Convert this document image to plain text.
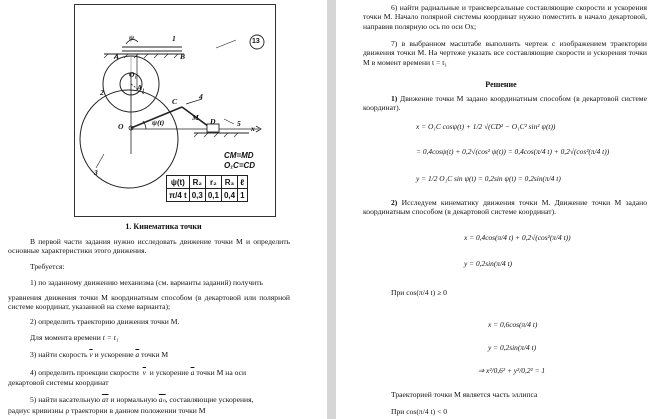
13
ψ	1
A	B
O₁
A₁
2
C
4
O	ψ(t)	D
M
5
x
3
CM=MD
O₁C=CD
ψ(t)	R₂	r₂	R₃	ℓ
π/4 t	0,3	0,1	0,4	1
1. Кинематика точки
В первой части задания нужно исследовать движение точки М и определить основные характеристики этого движения.
Требуется:
1) по заданному движению механизма (см. варианты заданий) получить
уравнения движения точки М координатным способом (в декартовой или полярной системе координат, указанной на схеме варианта);
2) определить траекторию движения точки М.
Для момента времени t = t₁
3) найти скорость $\overline{v}$ и ускорение $\overline{a}$ точки М
4) определить проекции скорости $\overline{v}$ и ускорение $\overline{a}$ точки М на оси
декартовой системы координат
5) найти касательную $\overline{a\tau}$ и нормальную $\overline{a_n}$, составляющие ускорения,
радиус кривизны ρ траектории в данном положении точки М
6) найти радиальные и трансверсальные составляющие скорости и ускорения точки М. Начало полярной системы координат нужно поместить в начало декартовой, направив полярную ось по оси Ох;
7) в выбранном масштабе выполнить чертеж с изображением траектории движения точки М. На чертеже указать все составляющие скорости и ускорения точки М в момент времени t = t₁
Решение
1) Движение точки М задано координатным способом (в декартовой системе координат).
x = O₁C cosψ(t) + 1/2 √(CD² − O₁C² sin² ψ(t))
= 0,4cosψ(t) + 0,2√(cos² ψ(t)) = 0,4cos(π/4 t) + 0,2√(cos²(π/4 t))
y = 1/2 O₁C sin ψ(t) = 0,2sin ψ(t) = 0,2sin(π/4 t)
2) Исследуем кинематику движения точки М. Движение точки М задано координатным способом (в декартовой системе координат).
x = 0,4cos(π/4 t) + 0,2√(cos²(π/4 t))
y = 0,2sin(π/4 t)
При cos(π/4 t) ≥ 0
x = 0,6cos(π/4 t)
y = 0,2sin(π/4 t)
⇒ x²/0,6² + y²/0,2² = 1
Траекторией точки М является часть эллипса
При cos(π/4 t) < 0
